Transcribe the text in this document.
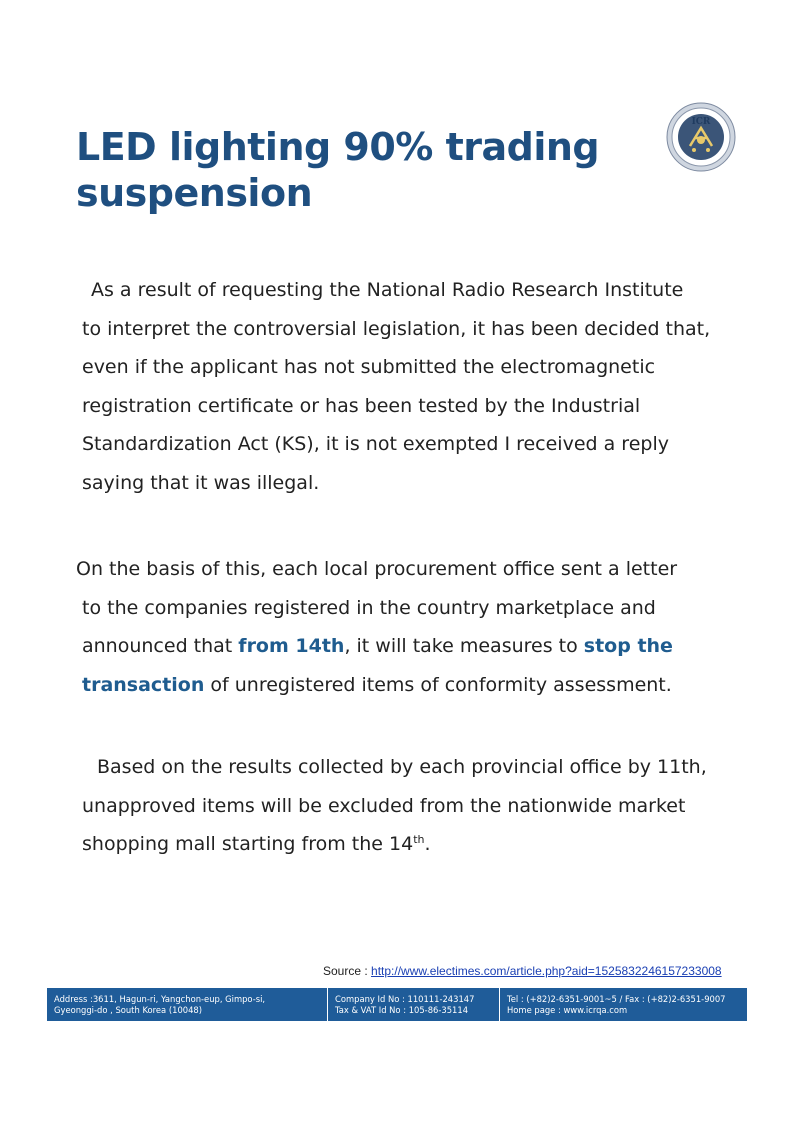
ICR
LED lighting 90% trading
suspension

As a result of requesting the National Radio Research Institute

to interpret the controversial legislation, it has been decided that,

even if the applicant has not submitted the electromagnetic

registration certificate or has been tested by the Industrial

Standardization Act (KS), it is not exempted I received a reply

saying that it was illegal.

On the basis of this, each local procurement office sent a letter

to the companies registered in the country marketplace and

announced that from 14th, it will take measures to stop the

transaction of unregistered items of conformity assessment.

Based on the results collected by each provincial office by 11th,

unapproved items will be excluded from the nationwide market

shopping mall starting from the 14th.

Source : http://www.electimes.com/article.php?aid=1525832246157233008
Address :3611, Hagun-ri, Yangchon-eup, Gimpo-si,
Gyeonggi-do , South Korea (10048)
Company Id No : 110111-243147
Tax & VAT Id No : 105-86-35114
Tel : (+82)2-6351-9001~5 / Fax : (+82)2-6351-9007
Home page : www.icrqa.com
